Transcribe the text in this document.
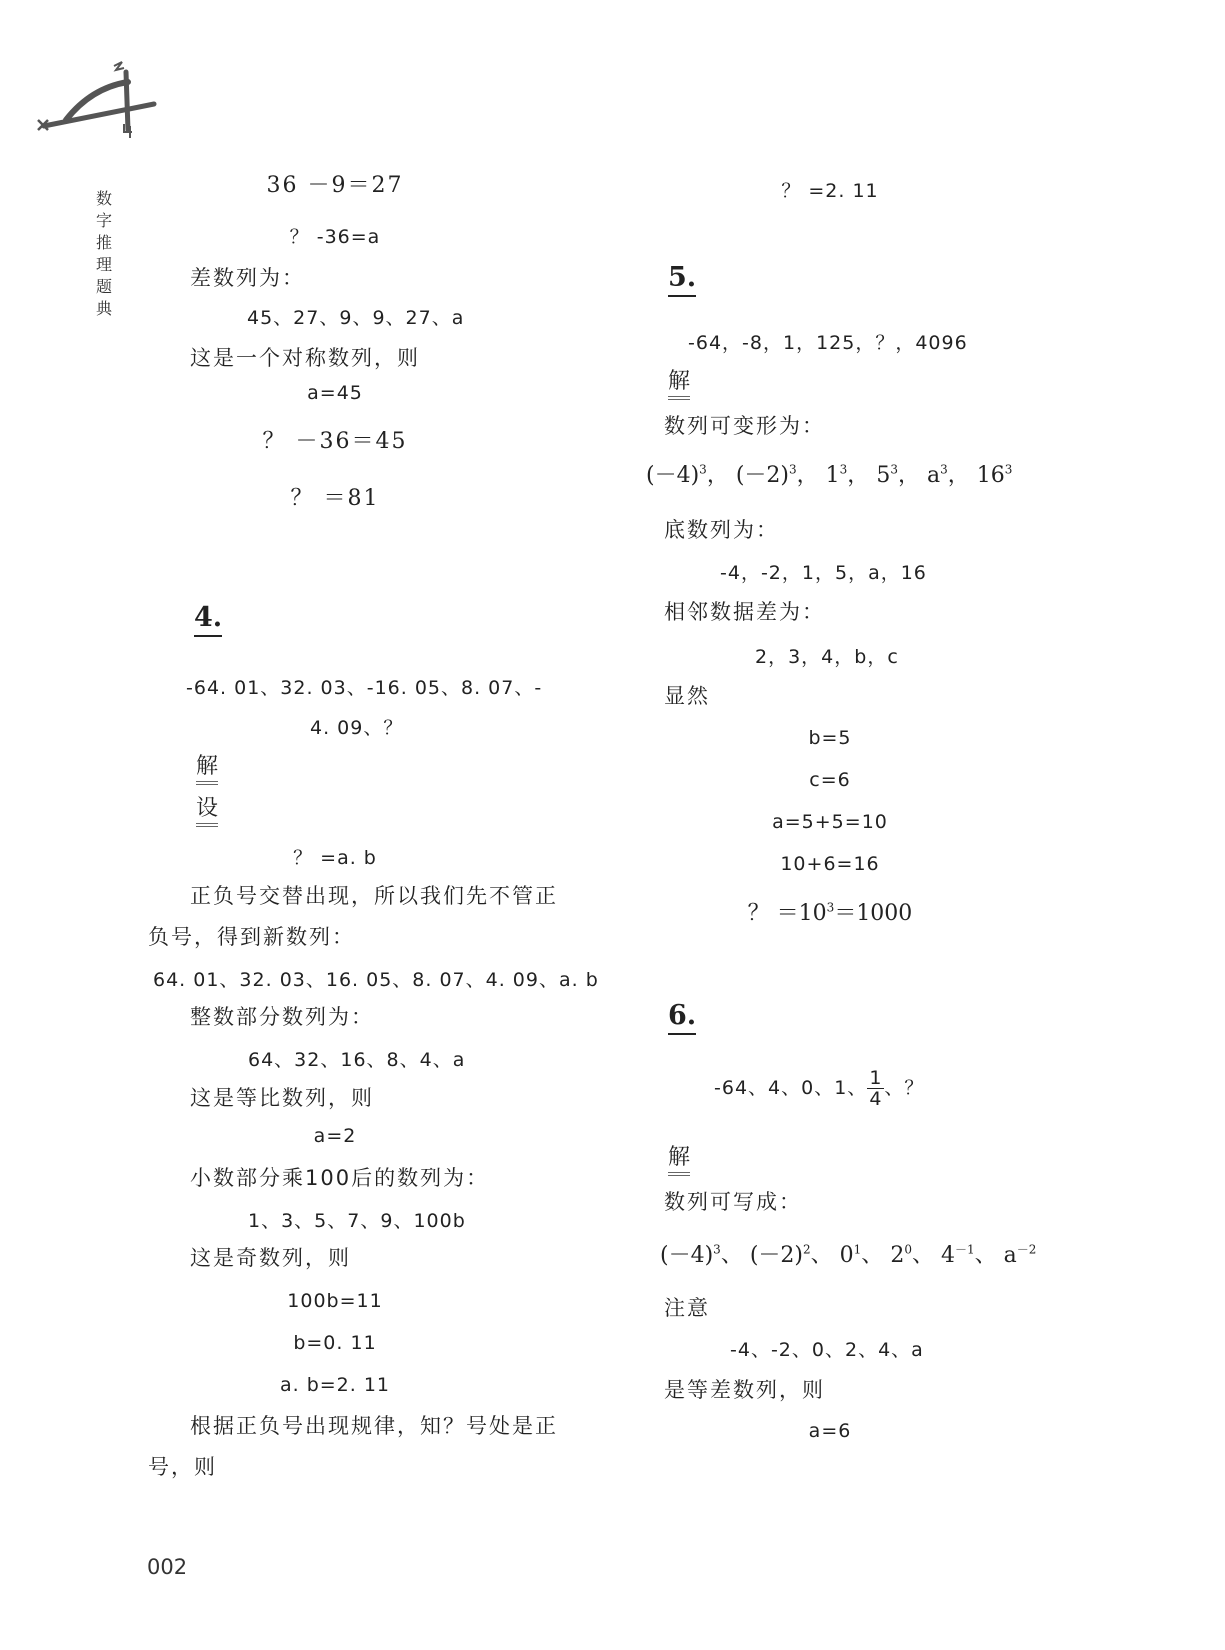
数
字
推
理
题
典
36 －9＝27
？ -36=a
差数列为：
45、27、9、9、27、a
这是一个对称数列，则
a=45
？ －36＝45
？ ＝81
4.
-64. 01、32. 03、-16. 05、8. 07、-
4. 09、？
解
设
？ =a. b
正负号交替出现，所以我们先不管正
负号，得到新数列：
64. 01、32. 03、16. 05、8. 07、4. 09、a. b
整数部分数列为：
64、32、16、8、4、a
这是等比数列，则
a=2
小数部分乘100后的数列为：
1、3、5、7、9、100b
这是奇数列，则
100b=11
b=0. 11
a. b=2. 11
根据正负号出现规律，知？号处是正
号，则
？ =2. 11
5.
-64，-8，1，125，？，4096
解
数列可变形为：
$(-4)^3$， $(-2)^3$， $1^3$， $5^3$， $a^3$， $16^3$
底数列为：
-4，-2，1，5，a，16
相邻数据差为：
2，3，4，b，c
显然
b=5
c=6
a=5+5=10
10+6=16
？ $=10^3=1000$
6.
-64、4、0、1、 $\frac{1}{4}$ 、？
解
数列可写成：
$(-4)^3$、 $(-2)^2$、 $0^1$、 $2^0$、 $4^{-1}$、 $a^{-2}$
注意
-4、-2、0、2、4、a
是等差数列，则
a=6
002
